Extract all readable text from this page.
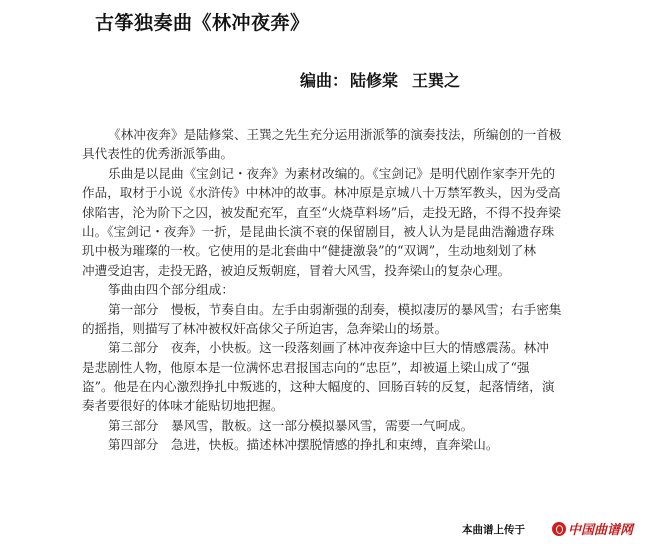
古筝独奏曲《林冲夜奔》
编曲： 陆修棠 王巽之
《林冲夜奔》是陆修棠、王巽之先生充分运用浙派筝的演奏技法，所编创的一首极
具代表性的优秀浙派筝曲。
乐曲是以昆曲《宝剑记・夜奔》为素材改编的。《宝剑记》是明代剧作家李开先的
作品，取材于小说《水浒传》中林冲的故事。林冲原是京城八十万禁军教头，因为受高
俅陷害，沦为阶下之囚，被发配充军，直至“火烧草料场”后，走投无路，不得不投奔梁
山。《宝剑记・夜奔》一折，是昆曲长演不衰的保留剧目，被人认为是昆曲浩瀚遗存珠
玑中极为璀璨的一枚。它使用的是北套曲中“健捷激袅”的“双调”，生动地刻划了林
冲遭受迫害，走投无路，被迫反叛朝庭，冒着大风雪，投奔梁山的复杂心理。
筝曲由四个部分组成：
第一部分　慢板，节奏自由。左手由弱渐强的刮奏，模拟凄厉的暴风雪；右手密集
的摇指，则描写了林冲被权奸高俅父子所迫害，急奔梁山的场景。
第二部分　夜奔，小快板。这一段落刻画了林冲夜奔途中巨大的情感震荡。林冲
是悲剧性人物，他原本是一位满怀忠君报国志向的“忠臣”，却被逼上梁山成了“强
盗”。他是在内心激烈挣扎中叛逃的，这种大幅度的、回肠百转的反复，起落情绪，演
奏者要很好的体味才能贴切地把握。
第三部分　暴风雪，散板。这一部分模拟暴风雪，需要一气呵成。
第四部分　急进，快板。描述林冲摆脱情感的挣扎和束缚，直奔梁山。
本曲谱上传于	中国曲谱网
